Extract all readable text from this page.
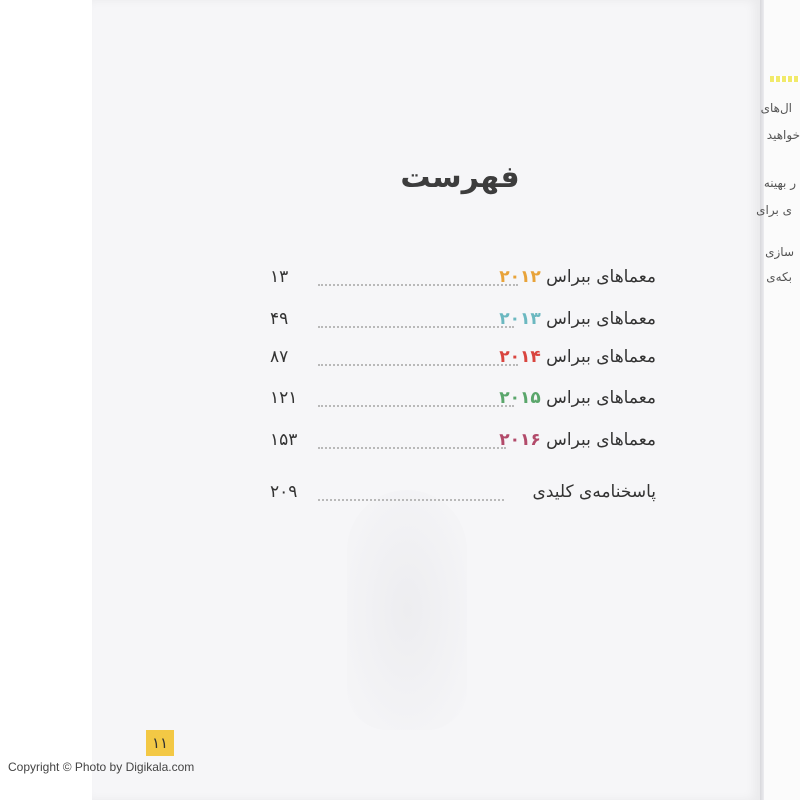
ال‌های
خواهید
ر بهینه
ی برای
سازی
بکه‌ی
فهرست
۱۳	معماهای ببراس ۲۰۱۲
۴۹	معماهای ببراس ۲۰۱۳
۸۷	معماهای ببراس ۲۰۱۴
۱۲۱	معماهای ببراس ۲۰۱۵
۱۵۳	معماهای ببراس ۲۰۱۶
۲۰۹	پاسخنامه‌ی کلیدی
۱۱
Copyright © Photo by Digikala.com
